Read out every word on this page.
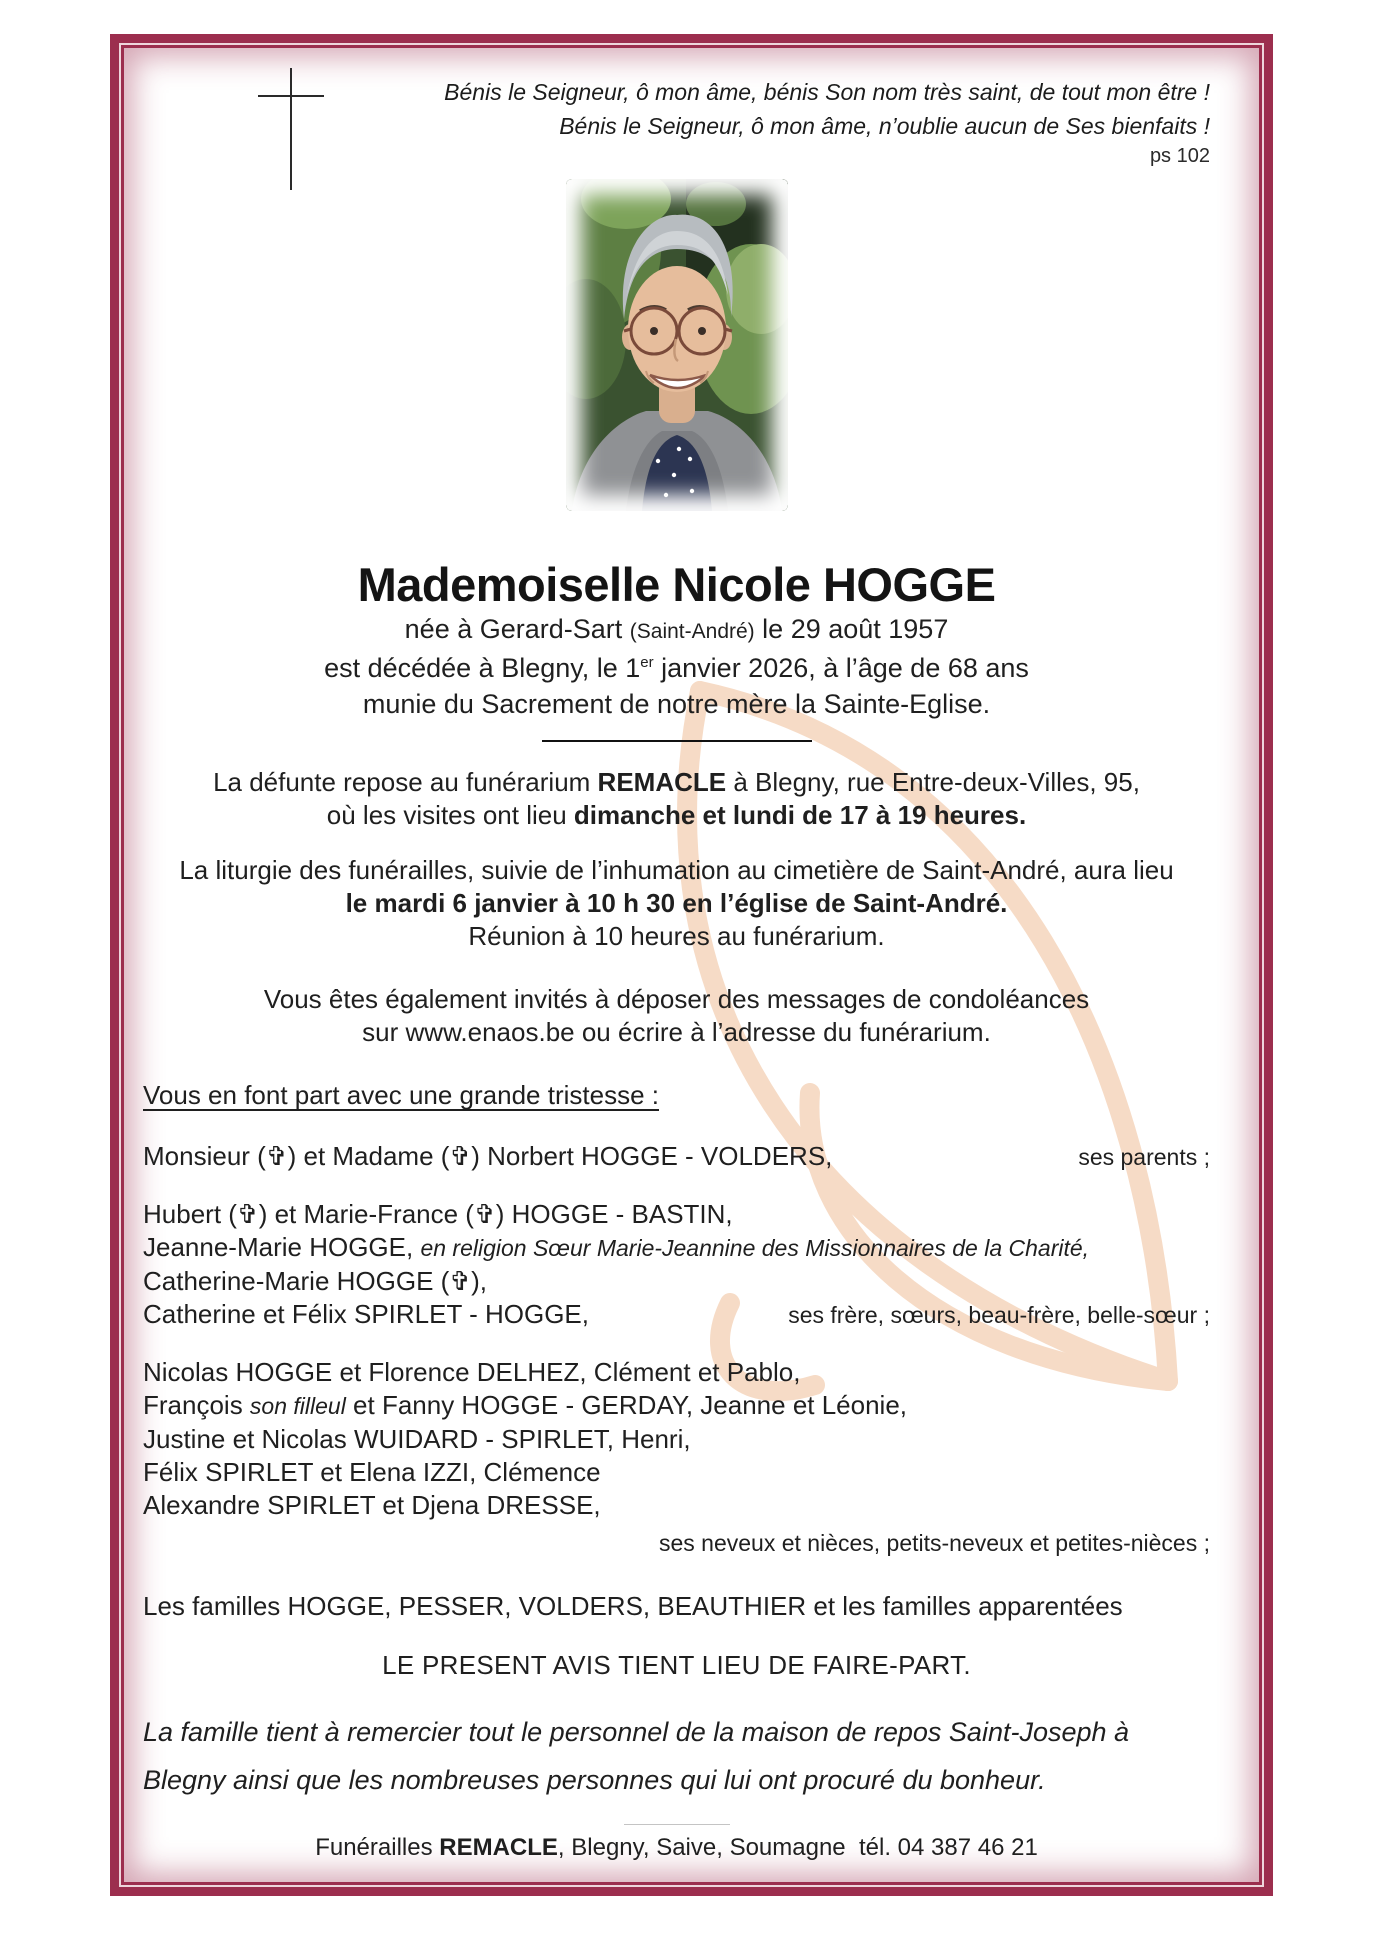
Bénis le Seigneur, ô mon âme, bénis Son nom très saint, de tout mon être !
Bénis le Seigneur, ô mon âme, n’oublie aucun de Ses bienfaits !
ps 102
Mademoiselle Nicole HOGGE
née à Gerard-Sart (Saint-André) le 29 août 1957
est décédée à Blegny, le 1er janvier 2026, à l’âge de 68 ans
munie du Sacrement de notre mère la Sainte-Eglise.
La défunte repose au funérarium REMACLE à Blegny, rue Entre-deux-Villes, 95,
où les visites ont lieu dimanche et lundi de 17 à 19 heures.
La liturgie des funérailles, suivie de l’inhumation au cimetière de Saint-André, aura lieu
le mardi 6 janvier à 10 h 30 en l’église de Saint-André.
Réunion à 10 heures au funérarium.
Vous êtes également invités à déposer des messages de condoléances
sur www.enaos.be ou écrire à l’adresse du funérarium.
Vous en font part avec une grande tristesse :
Monsieur (✞) et Madame (✞) Norbert HOGGE - VOLDERS,	ses parents ;
Hubert (✞) et Marie-France (✞) HOGGE - BASTIN,
Jeanne-Marie HOGGE, en religion Sœur Marie-Jeannine des Missionnaires de la Charité,
Catherine-Marie HOGGE (✞),
Catherine et Félix SPIRLET - HOGGE,	ses frère, sœurs, beau-frère, belle-sœur ;
Nicolas HOGGE et Florence DELHEZ, Clément et Pablo,
François son filleul et Fanny HOGGE - GERDAY, Jeanne et Léonie,
Justine et Nicolas WUIDARD - SPIRLET, Henri,
Félix SPIRLET et Elena IZZI, Clémence
Alexandre SPIRLET et Djena DRESSE,
ses neveux et nièces, petits-neveux et petites-nièces ;
Les familles HOGGE, PESSER, VOLDERS, BEAUTHIER et les familles apparentées
LE PRESENT AVIS TIENT LIEU DE FAIRE-PART.
La famille tient à remercier tout le personnel de la maison de repos Saint-Joseph à
Blegny ainsi que les nombreuses personnes qui lui ont procuré du bonheur.
Funérailles REMACLE, Blegny, Saive, Soumagne  tél. 04 387 46 21
